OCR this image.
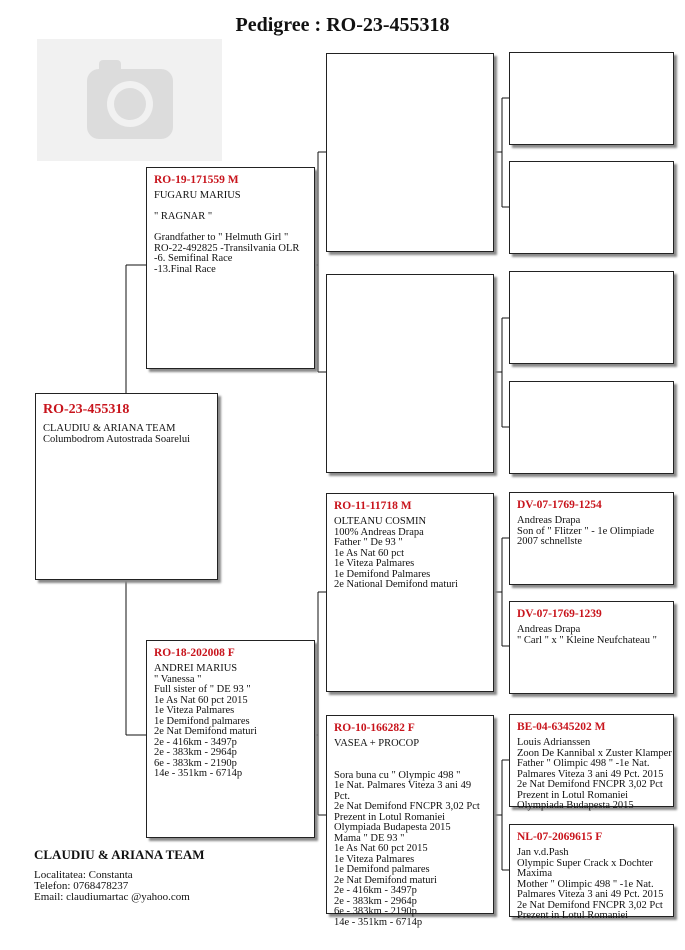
Pedigree : RO-23-455318
RO-23-455318
CLAUDIU & ARIANA TEAM
Columbodrom Autostrada Soarelui
RO-19-171559 M
FUGARU MARIUS

" RAGNAR "

Grandfather to " Helmuth Girl "
RO-22-492825 -Transilvania OLR
-6. Semifinal Race
-13.Final Race
RO-18-202008 F
ANDREI MARIUS
" Vanessa "
Full sister of " DE 93 "
1e As Nat 60 pct 2015
1e Viteza Palmares
1e Demifond palmares
2e Nat Demifond maturi
2e - 416km - 3497p
2e - 383km - 2964p
6e - 383km - 2190p
14e - 351km - 6714p
RO-11-11718 M
OLTEANU COSMIN
100% Andreas Drapa
Father " De 93 "
1e As Nat 60 pct
1e Viteza Palmares
1e Demifond Palmares
2e National Demifond maturi
RO-10-166282 F
VASEA + PROCOP

Sora buna cu " Olympic 498 "
1e Nat. Palmares Viteza 3 ani 49
Pct.
2e Nat Demifond FNCPR 3,02 Pct
Prezent in Lotul Romaniei
Olympiada Budapesta 2015
Mama " DE 93 "
1e As Nat 60 pct 2015
1e Viteza Palmares
1e Demifond palmares
2e Nat Demifond maturi
2e - 416km - 3497p
2e - 383km - 2964p
6e - 383km - 2190p
14e - 351km - 6714p
DV-07-1769-1254
Andreas Drapa
Son of " Flitzer " - 1e Olimpiade
2007 schnellste
DV-07-1769-1239
Andreas Drapa
" Carl " x " Kleine Neufchateau "
BE-04-6345202 M
Louis Adrianssen
Zoon De Kannibal x Zuster Klamper
Father " Olimpic 498 " -1e Nat.
Palmares Viteza 3 ani 49 Pct. 2015
2e Nat Demifond FNCPR 3,02 Pct
Prezent in Lotul Romaniei
Olympiada Budapesta 2015
NL-07-2069615 F
Jan v.d.Pash
Olympic Super Crack x Dochter
Maxima
Mother " Olimpic 498 " -1e Nat.
Palmares Viteza 3 ani 49 Pct. 2015
2e Nat Demifond FNCPR 3,02 Pct
Prezent in Lotul Romaniei
CLAUDIU & ARIANA TEAM
Localitatea: Constanta
Telefon: 0768478237
Email: claudiumartac @yahoo.com
